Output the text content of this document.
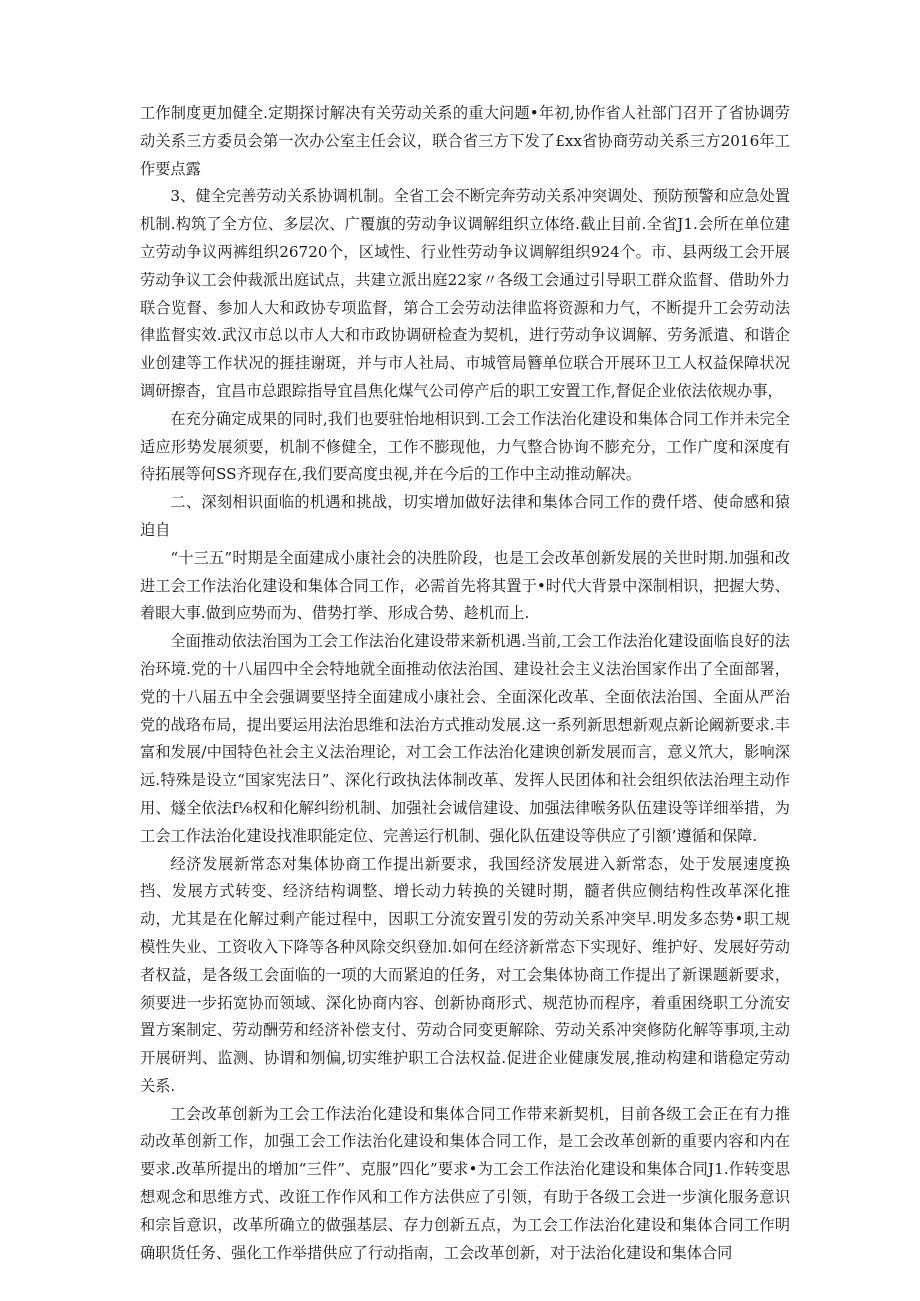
工作制度更加健全.定期探讨解决有关劳动关系的重大问题•年初,协作省人社部门召开了省协调劳动关系三方委员会第一次办公室主任会议，联合省三方下发了£xx省协商劳动关系三方2016年工作要点露

3、健全完善劳动关系协调机制。全省工会不断完奔劳动关系冲突调处、预防预警和应急处置机制.构筑了全方位、多层次、广覆旗的劳动争议调解组织立体络.截止目前.全省J1.会所在单位建立劳动争议两裤组织26720个，区域性、行业性劳动争议调解组织924个。市、县两级工会开展劳动争议工会仲裁派出庭试点，共建立派出庭22家〃各级工会通过引导职工群众监督、借助外力联合览督、参加人大和政协专项监督，第合工会劳动法律监将资源和力气，不断提升工会劳动法律监督实效.武汉市总以市人大和市政协调研检查为契机，进行劳动争议调解、劳务派遣、和谐企业创建等工作状况的捱挂谢斑，并与市人社局、市城管局簪单位联合开展环卫工人权益保障状况调研擦杳，宜昌市总跟踪指导宜昌焦化煤气公司停产后的职工安置工作,督促企业依法依规办事，

在充分确定成果的同时,我们也要驻怡地相识到.工会工作法治化建设和集体合同工作并未完全适应形势发展须要，机制不修健全，工作不膨现他，力气整合协询不膨充分，工作广度和深度有待拓展等何SS齐现存在,我们要高度虫视,并在今后的工作中主动推动解决。

二、深刻相识面临的机遇和挑战，切实增加做好法律和集体合同工作的费仟塔、使命感和猿迫自

“十三五”时期是全面建成小康社会的决胜阶段，也是工会改革创新发展的关世时期.加强和改进工会工作法治化建设和集体合同工作，必需首先将其置于•时代大背景中深制相识，把握大势、着眼大事.做到应势而为、借势打挙、形成合势、趁机而上.

全面推动依法治国为工会工作法治化建设带来新机遇.当前,工会工作法治化建设面临良好的法治环境.党的十八届四中全会特地就全面推动依法治国、建设社会主义法治国家作出了全面部署，党的十八届五中全会强调要坚持全面建成小康社会、全面深化改革、全面依法治国、全面从严治党的战珞布局，提出要运用法治思维和法治方式推动发展.这一系列新思想新观点新论阚新要求.丰富和发展/中国特色社会主义法治理论，对工会工作法治化建谀创新发展而言，意义笊大，影响深远.特殊是设立“国家宪法日”、深化行政执法体制改革、发挥人民团体和社会组织依法治理主动作用、燧全依法f⅛权和化解纠纷机制、加强社会诚信建设、加强法律喉务队伍建设等详细举措，为工会工作法治化建设找准职能定位、完善运行机制、强化队伍建设等供应了引额’遵循和保障.

经济发展新常态对集体协商工作提出新要求，我国经济发展进入新常态，处于发展速度换挡、发展方式转变、经济结构调整、增长动力转换的关键时期，髓者供应侧结构性改革深化推动，尤其是在化解过剩产能过程中，因职工分流安置引发的劳动关系冲突早.明发多态势•职工规模性失业、工资收入下降等各种风除交织登加.如何在经济新常态下实现好、维护好、发展好劳动者权益，是各级工会面临的一项的大而紧迫的任务，对工会集体协商工作提出了新课题新要求，须要进一步拓宽协而领域、深化协商内容、创新协商形式、规范协而程序，着重困绕职工分流安置方案制定、劳动酬劳和经济补偿支付、劳动合同变更解除、劳动关系冲突修防化解等事项,主动开展研判、监测、协谓和刎偏,切实维护职工合法权益.促进企业健康发展,推动构建和谐稳定劳动关系.

工会改革创新为工会工作法治化建设和集体合同工作带来新契机，目前各级工会正在有力推动改革创新工作，加强工会工作法治化建设和集体合同工作，是工会改革创新的重要内容和内在要求.改革所提出的增加“三件”、克服”四化”要求•为工会工作法治化建设和集体合同J1.作转变思想观念和思维方式、改诳工作作风和工作方法供应了引领，有助于各级工会进一步演化服务意识和宗旨意识，改革所确立的做强基层、存力创新五点，为工会工作法治化建设和集体合同工作明确职货任务、强化工作举措供应了行动指南，工会改革创新，对于法治化建设和集体合同
